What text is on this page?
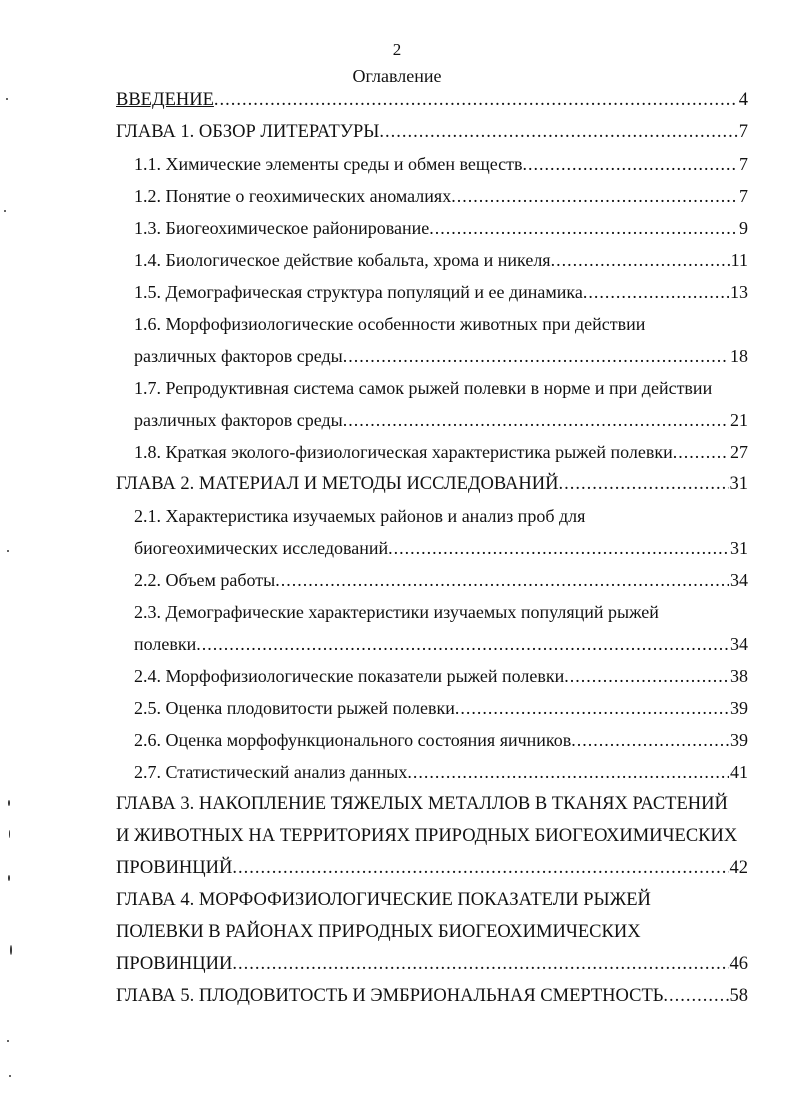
2
Оглавление
ВВЕДЕНИЕ .....	4
ГЛАВА 1. ОБЗОР ЛИТЕРАТУРЫ .....	7
1.1. Химические элементы среды и обмен веществ .....	7
1.2. Понятие о геохимических аномалиях .....	7
1.3. Биогеохимическое районирование .....	9
1.4. Биологическое действие кобальта, хрома и никеля .....	11
1.5. Демографическая структура популяций и ее динамика .....	13
1.6. Морфофизиологические особенности животных при действии
различных факторов среды .....	18
1.7. Репродуктивная система самок рыжей полевки в норме и при действии
различных факторов среды .....	21
1.8. Краткая эколого-физиологическая характеристика рыжей полевки .....	27
ГЛАВА 2. МАТЕРИАЛ И МЕТОДЫ ИССЛЕДОВАНИЙ .....	31
2.1. Характеристика изучаемых районов и анализ проб для
биогеохимических исследований .....	31
2.2. Объем работы .....	34
2.3. Демографические характеристики изучаемых популяций рыжей
полевки .....	34
2.4. Морфофизиологические показатели рыжей полевки .....	38
2.5. Оценка плодовитости рыжей полевки .....	39
2.6. Оценка морфофункционального состояния яичников .....	39
2.7. Статистический анализ данных .....	41
ГЛАВА 3. НАКОПЛЕНИЕ ТЯЖЕЛЫХ МЕТАЛЛОВ В ТКАНЯХ РАСТЕНИЙ
И ЖИВОТНЫХ НА ТЕРРИТОРИЯХ ПРИРОДНЫХ БИОГЕОХИМИЧЕСКИХ
ПРОВИНЦИЙ .....	42
ГЛАВА 4. МОРФОФИЗИОЛОГИЧЕСКИЕ ПОКАЗАТЕЛИ РЫЖЕЙ
ПОЛЕВКИ В РАЙОНАХ ПРИРОДНЫХ БИОГЕОХИМИЧЕСКИХ
ПРОВИНЦИИ .....	46
ГЛАВА 5. ПЛОДОВИТОСТЬ И ЭМБРИОНАЛЬНАЯ СМЕРТНОСТЬ .....	58
